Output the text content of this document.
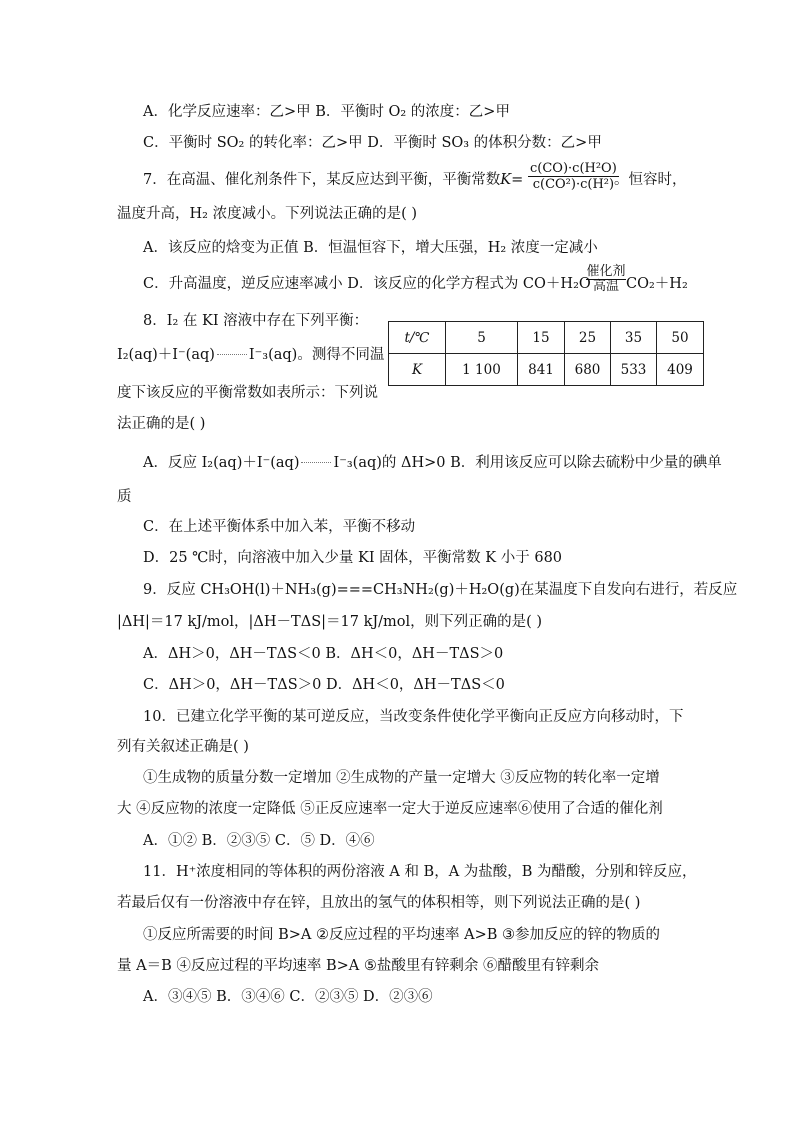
A．化学反应速率：乙>甲 B．平衡时 O₂ 的浓度：乙>甲
C．平衡时 SO₂ 的转化率：乙>甲 D．平衡时 SO₃ 的体积分数：乙>甲
7．在高温、催化剂条件下，某反应达到平衡，平衡常数$K= \frac{\text{c(CO)·c(H²O)}}{\text{c(CO²)·c(H²)}}$
。恒容时，
温度升高，H₂ 浓度减小。下列说法正确的是( )
A．该反应的焓变为正值 B．恒温恒容下，增大压强，H₂ 浓度一定减小
C．升高温度，逆反应速率减小 D．该反应的化学方程式为 CO＋H₂O
催化剂
高温 CO₂＋H₂
8．I₂ 在 KI 溶液中存在下列平衡：
I₂(aq)＋I⁻(aq) I⁻₃(aq)。测得不同温
度下该反应的平衡常数如表所示：下列说
法正确的是( )
t/℃	5	15	25	35	50
K	1 100	841	680	533	409
A．反应 I₂(aq)＋I⁻(aq) I⁻₃(aq)的 ΔH>0 B．利用该反应可以除去硫粉中少量的碘单
质
C．在上述平衡体系中加入苯，平衡不移动
D．25 ℃时，向溶液中加入少量 KI 固体，平衡常数 K 小于 680
9．反应 CH₃OH(l)＋NH₃(g)===CH₃NH₂(g)＋H₂O(g)在某温度下自发向右进行，若反应
|ΔH|＝17 kJ/mol，|ΔH－TΔS|＝17 kJ/mol，则下列正确的是( )
A．ΔH＞0，ΔH－TΔS＜0 B．ΔH＜0，ΔH－TΔS＞0
C．ΔH＞0，ΔH－TΔS＞0 D．ΔH＜0，ΔH－TΔS＜0
10．已建立化学平衡的某可逆反应，当改变条件使化学平衡向正反应方向移动时，下
列有关叙述正确是( )
①生成物的质量分数一定增加 ②生成物的产量一定增大 ③反应物的转化率一定增
大 ④反应物的浓度一定降低 ⑤正反应速率一定大于逆反应速率⑥使用了合适的催化剂
A．①② B．②③⑤ C．⑤ D．④⑥
11．H⁺浓度相同的等体积的两份溶液 A 和 B，A 为盐酸，B 为醋酸，分别和锌反应，
若最后仅有一份溶液中存在锌，且放出的氢气的体积相等，则下列说法正确的是( )
①反应所需要的时间 B>A ②反应过程的平均速率 A>B ③参加反应的锌的物质的
量 A＝B ④反应过程的平均速率 B>A ⑤盐酸里有锌剩余 ⑥醋酸里有锌剩余
A．③④⑤ B．③④⑥ C．②③⑤ D．②③⑥
